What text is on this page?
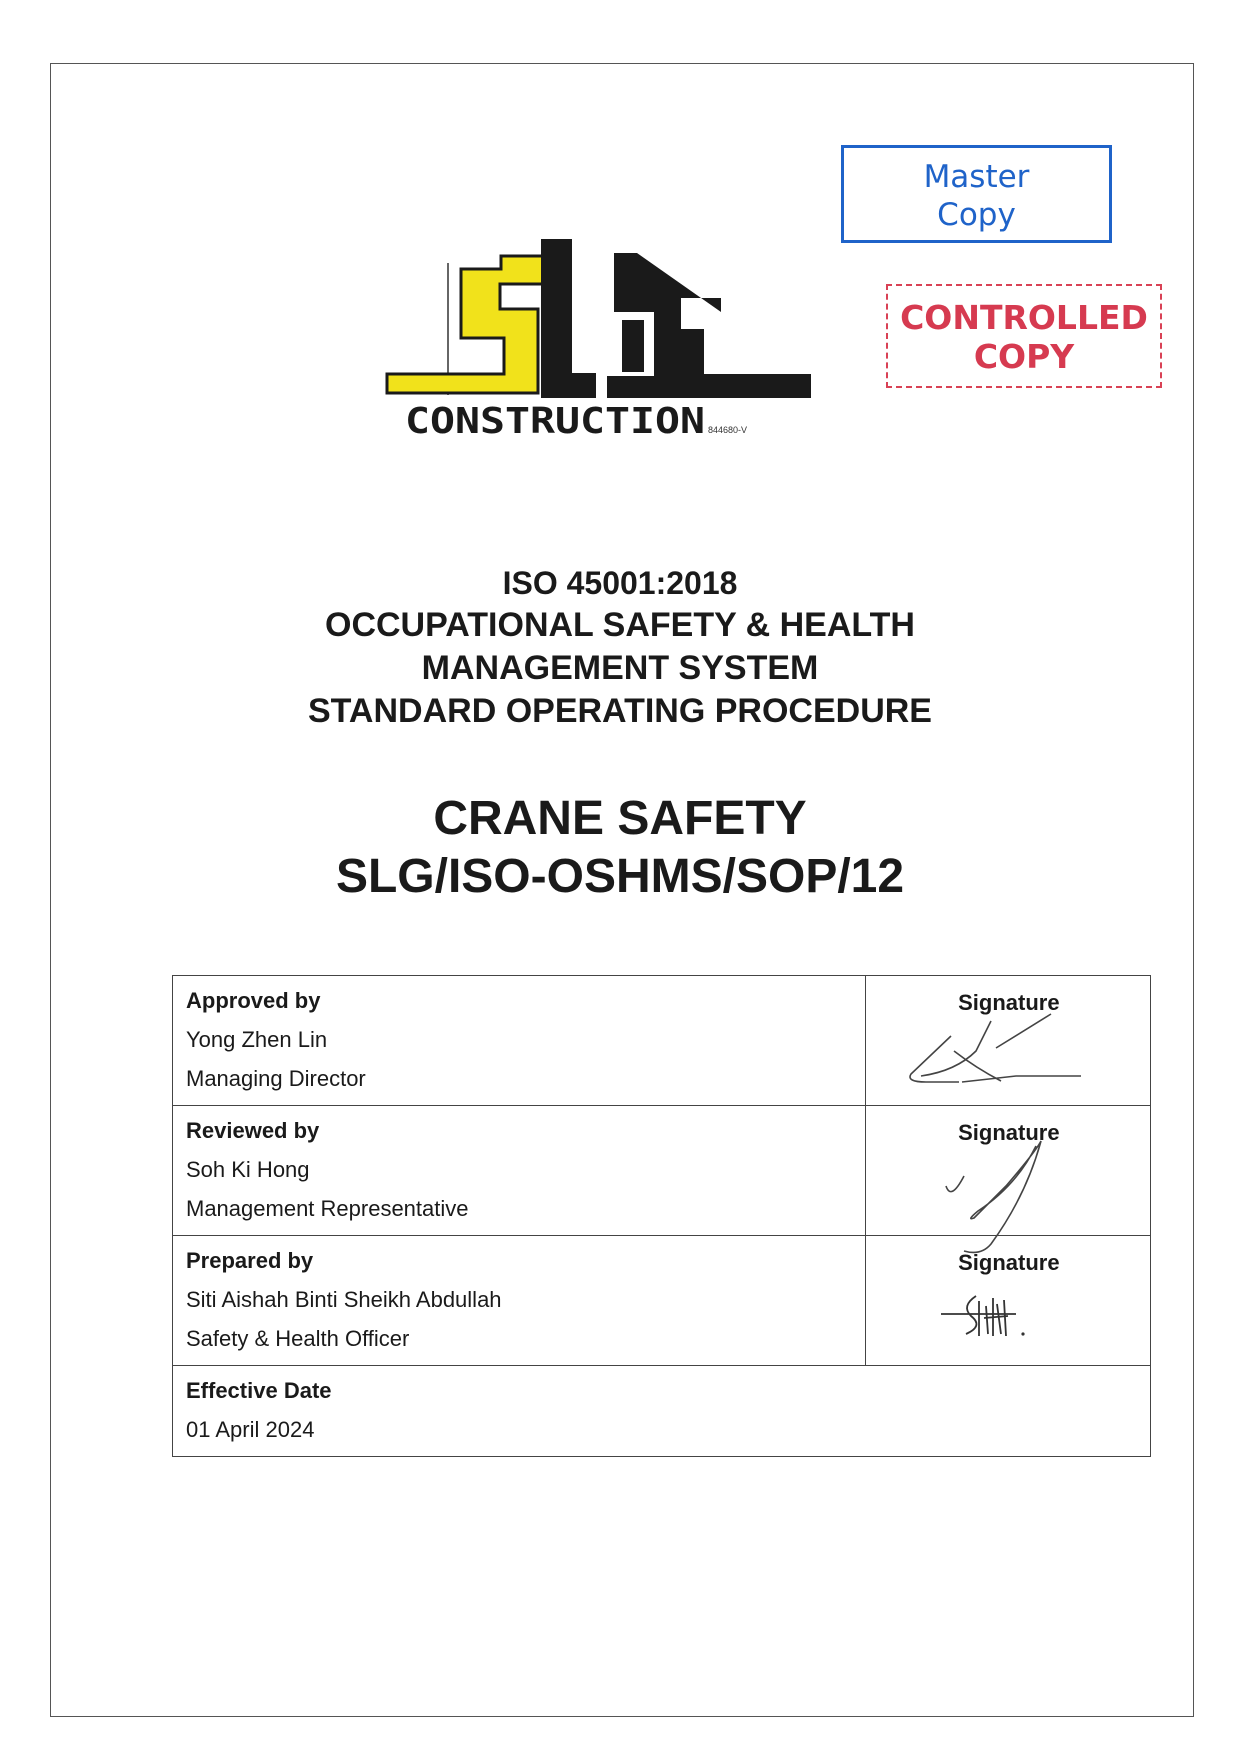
Master
Copy
CONTROLLED
COPY
CONSTRUCTION 844680-V
ISO 45001:2018
OCCUPATIONAL SAFETY & HEALTH
MANAGEMENT SYSTEM
STANDARD OPERATING PROCEDURE
CRANE SAFETY
SLG/ISO-OSHMS/SOP/12
Approved by
Yong Zhen Lin
Managing Director	Signature

Reviewed by
Soh Ki Hong
Management Representative	Signature

Prepared by
Siti Aishah Binti Sheikh Abdullah
Safety & Health Officer	Signature

Effective Date
01 April 2024	
